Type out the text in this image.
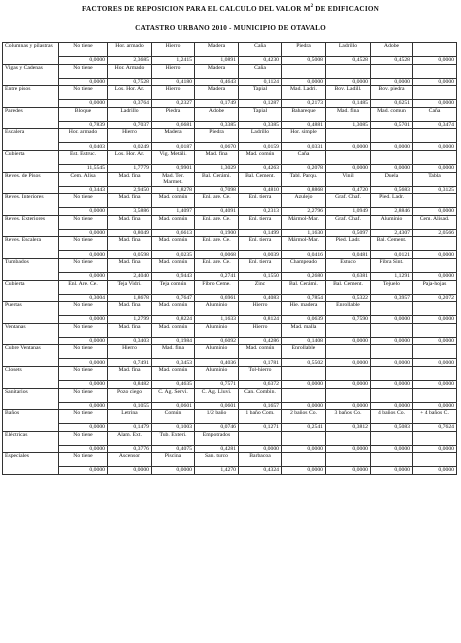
FACTORES DE REPOSICION PARA EL CALCULO DEL VALOR $M^2$ DE EDIFICACION
CATASTRO URBANO 2010 - MUNICIPIO DE OTAVALO
Columnas y pilastras	No tiene	Hor. armado	Hierro	Madera	Caña	Piedra	Ladrillo	Adobe	
	0,0000	2,3685	1,2415	1,0891	0,4230	0,5008	0,4528	0,4528	0,0000
Vigas y Cadenas	No tiene	Hor. Armado	Hierro	Madera	Caña				
	0,0000	0,7528	0,4180	0,4643	0,1124	0,0000	0,0000	0,0000	0,0000
Entre pisos	No tiene	Los. Hor. Ar.	Hierro	Madera	Tapial	Mad. Ladri.	Bov. Ladill.	Bov. piedra	
	0,0000	0,3764	0,2327	0,1749	0,1287	0,2173	0,1485	0,6251	0,0000
Paredes	Bloque	Ladrillo	Piedra	Adobe	Tapial	Bahareque	Mad. fina	Mad. comun	Caña
	0,7839	0,7037	0,6681	0,3385	0,3385	0,4881	1,3085	0,5701	0,3474
Escalera	Hor. armado	Hierro	Madera	Piedra	Ladrillo	Hor. simple			
	0,0403	0,0249	0,0187	0,0670	0,0159	0,0331	0,0000	0,0000	0,0000
Cubierta	Est. Estruc.	Los. Hor. Ar.	Vig. Metáli.	Mad. fina	Mad. común	Caña			
	11,5545	1,7779	0,9901	1,3029	0,4263	0,2078	0,0000	0,0000	0,0000
Reves. de Pisos	Cem. Alisa	Mad. fina	Mad. Ter. Marmet.	Bal. Cerámi.	Bal. Cement.	Tabl. Parqu.	Vinil	Duela	Tabla
	0,3443	2,9450	1,8278	0,7098	0,4810	0,8868	0,4720	0,5683	0,3125
Reves. Interiores	No tiene	Mad. fina	Mad. común	Enl. are. Ce.	Enl. tierra	Azulejo	Graf. Chaf.	Pied. Ladr.	
	0,0000	3,5886	1,4097	0,4091	0,2313	2,2796	1,0949	2,8846	0,0000
Reves. Exteriores	No tiene	Mad. fina	Mad. común	Enl. are. Ce.	Enl. tierra	Mármol-Mar.	Graf. Chaf.	Aluminio	Cem. Alisad.
	0,0000	0,8049	0,6613	0,1900	0,1499	1,1630	0,5097	2,4307	2,0566
Reves. Escalera	No tiene	Mad. fina	Mad. común	Enl. are. Ce.	Enl. tierra	Mármol-Mar.	Pied. Ladr.	Bal. Cement.	
	0,0000	0,0598	0,0235	0,0068	0,0039	0,0416	0,0481	0,0121	0,0000
Tumbados	No tiene	Mad. fina	Mad. común	Enl. are. Ce.	Enl. tierra	Champeado	Estuco	Fibra Sint.	
	0,0000	2,4040	0,9443	0,2741	0,1550	0,2680	0,6381	1,1291	0,0000
Cubierta	Enl. Are. Ce.	Teja Vidri.	Teja común	Fibro Ceme.	Zinc	Bal. Cerámi.	Bal. Cement.	Tejuelo	Paja-hojas
	0,3004	1,8678	0,7647	0,6961	0,4083	0,7854	0,5322	0,3957	0,2072
Puertas	No tiene	Mad. fina	Mad. común	Aluminio	Hierro	Hie. madera	Enrollable		
	0,0000	1,2799	0,8224	1,1633	0,8124	0,0639	0,7590	0,0000	0,0000
Ventanas	No tiene	Mad. fina	Mad. común	Aluminio	Hierro	Mad. malla			
	0,0000	0,3403	0,1984	0,6092	0,4286	0,1408	0,0000	0,0000	0,0000
Cubre Ventanas	No tiene	Hierro	Mad. fina	Aluminio	Mad. común	Enrollable			
	0,0000	0,7491	0,3453	0,4036	0,1781	0,5502	0,0000	0,0000	0,0000
Closets	No tiene	Mad. fina	Mad. común	Aluminio	Tol-hierro				
	0,0000	0,8482	0,4635	0,7571	0,6372	0,0000	0,0000	0,0000	0,0000
Sanitarios	No tiene	Pozo ciego	C. Ag. Servi.	C. Ag. Lluvi.	Can. Combin.				
	0,0000	0,1055	0,0601	0,0601	0,1657	0,0000	0,0000	0,0000	0,0000
Baños	No tiene	Letrina	Común	1/2 baño	1 baño Com.	2 baños Co.	3 baños Co.	4 baños Co.	+ 4 baños C.
	0,0000	0,1479	0,1003	0,0746	0,1271	0,2541	0,3812	0,5083	0,7624
Eléctricas	No tiene	Alam. Ext.	Tub. Exteri.	Empotrados					
	0,0000	0,3776	0,4075	0,4281	0,0000	0,0000	0,0000	0,0000	0,0000
Especiales	No tiene	Ascensor	Piscina	San. turco	Barbacoa				
	0,0000	0,0000	0,0000	1,4270	0,4324	0,0000	0,0000	0,0000	0,0000
